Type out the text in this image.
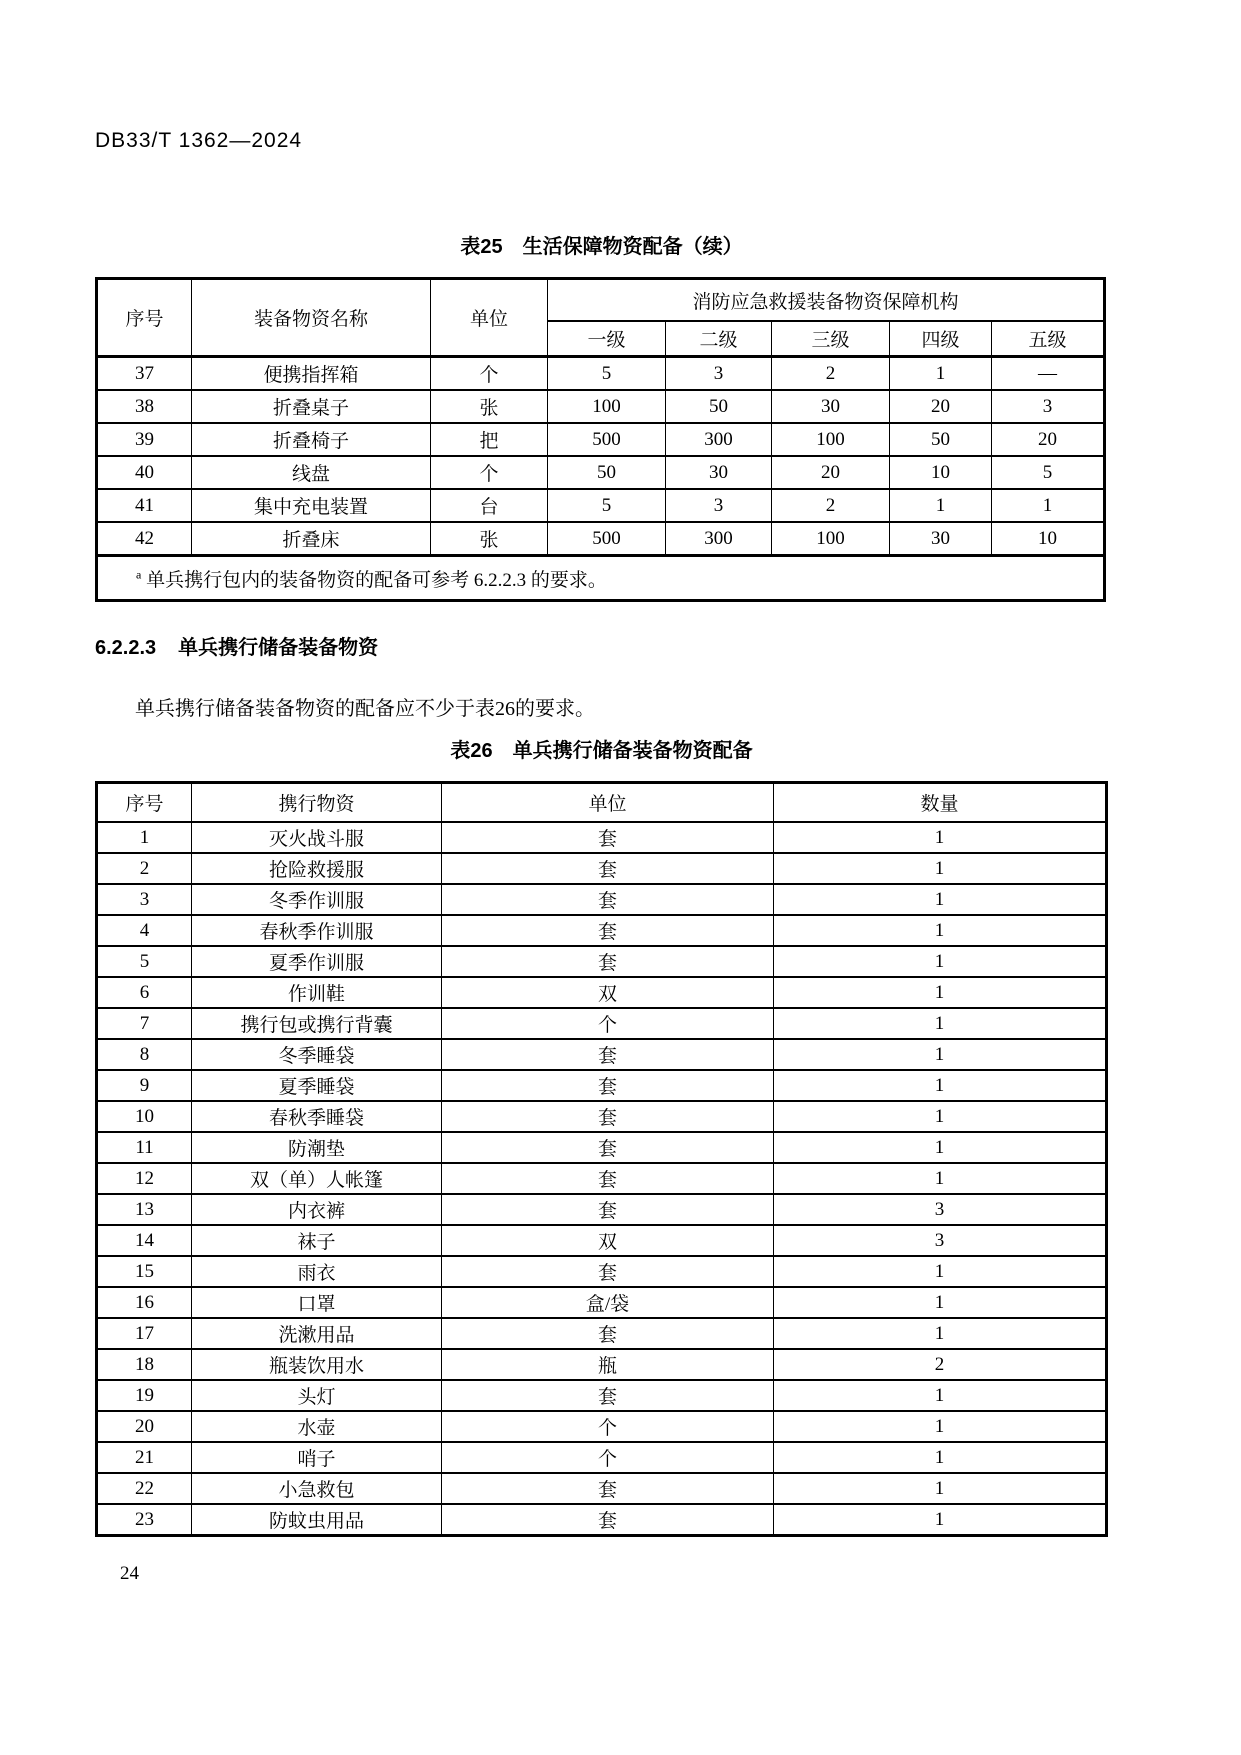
DB33/T 1362—2024
表25　生活保障物资配备（续）
序号	装备物资名称	单位	消防应急救援装备物资保障机构				
			一级	二级	三级	四级	五级
37	便携指挥箱	个	5	3	2	1	—
38	折叠桌子	张	100	50	30	20	3
39	折叠椅子	把	500	300	100	50	20
40	线盘	个	50	30	20	10	5
41	集中充电装置	台	5	3	2	1	1
42	折叠床	张	500	300	100	30	10
$^a$ 单兵携行包内的装备物资的配备可参考 6.2.2.3 的要求。							
6.2.2.3 单兵携行储备装备物资
单兵携行储备装备物资的配备应不少于表26的要求。
表26　单兵携行储备装备物资配备
序号	携行物资	单位	数量
1	灭火战斗服	套	1
2	抢险救援服	套	1
3	冬季作训服	套	1
4	春秋季作训服	套	1
5	夏季作训服	套	1
6	作训鞋	双	1
7	携行包或携行背囊	个	1
8	冬季睡袋	套	1
9	夏季睡袋	套	1
10	春秋季睡袋	套	1
11	防潮垫	套	1
12	双（单）人帐篷	套	1
13	内衣裤	套	3
14	袜子	双	3
15	雨衣	套	1
16	口罩	盒/袋	1
17	洗漱用品	套	1
18	瓶装饮用水	瓶	2
19	头灯	套	1
20	水壶	个	1
21	哨子	个	1
22	小急救包	套	1
23	防蚊虫用品	套	1
24
